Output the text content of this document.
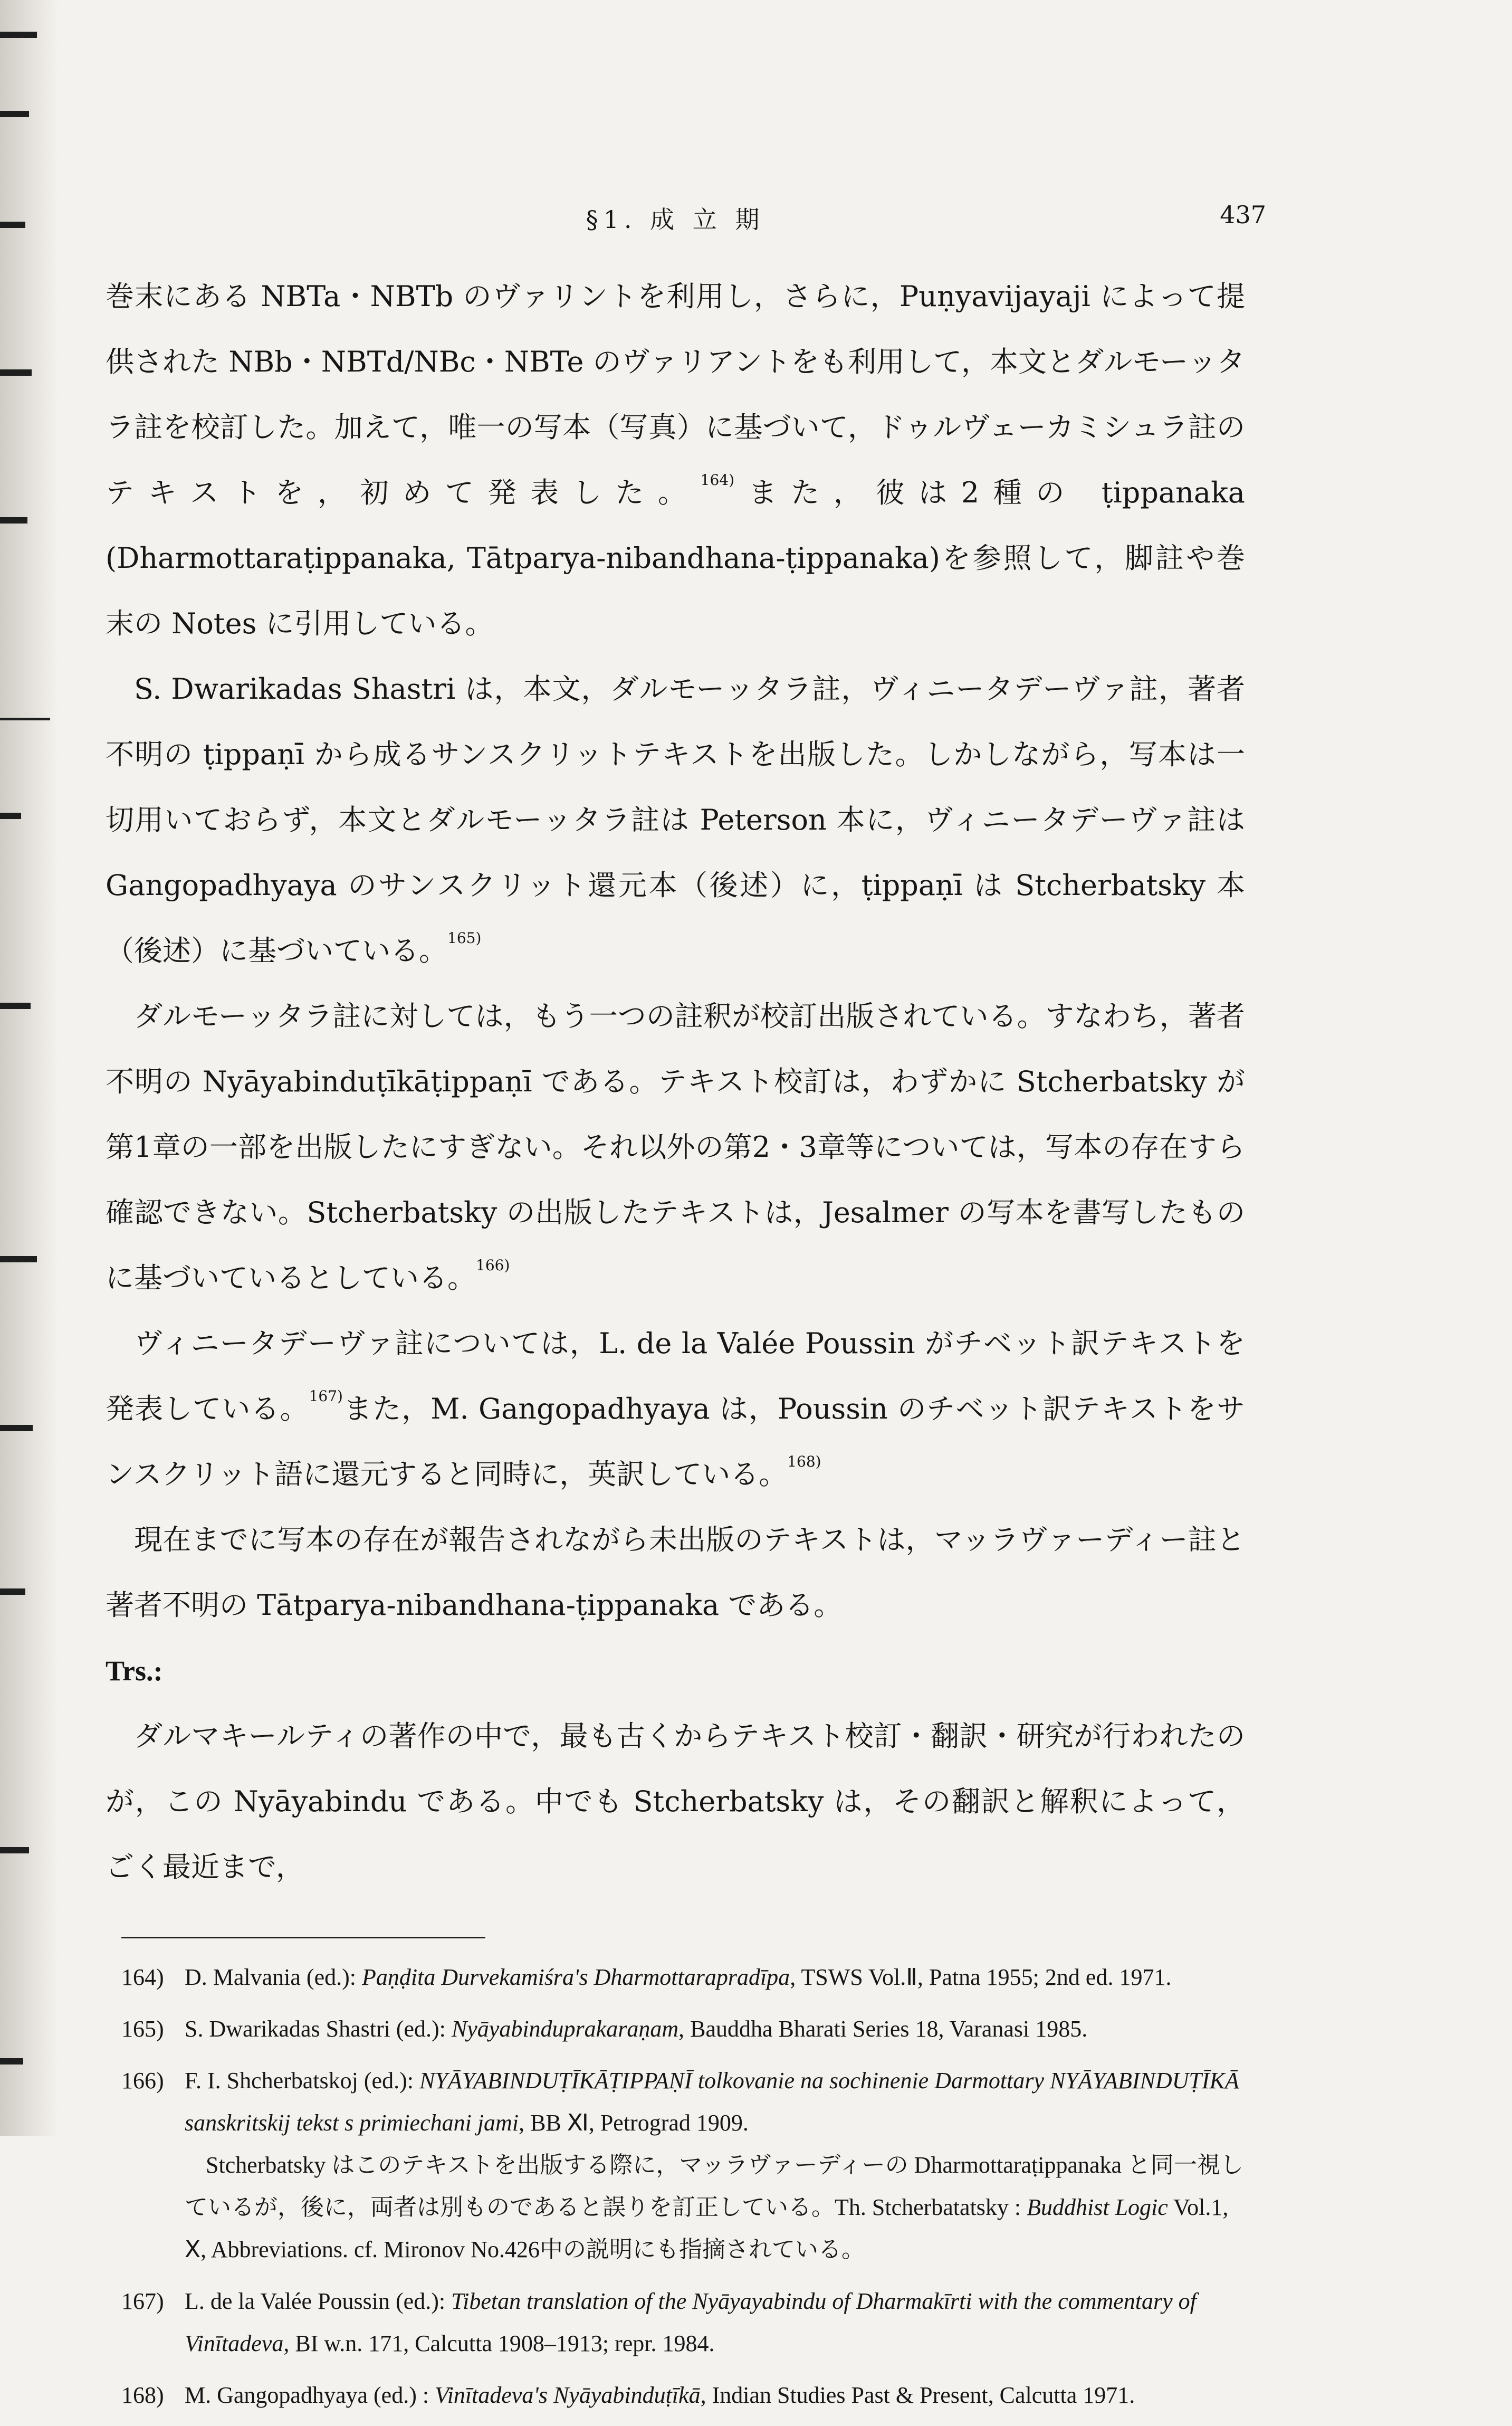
§1. 成 立 期	437

巻末にある NBTa・NBTb のヴァリントを利用し，さらに，Puṇyavijayaji によって提供された NBb・NBTd/NBc・NBTe のヴァリアントをも利用して，本文とダルモーッタラ註を校訂した。加えて，唯一の写本（写真）に基づいて，ドゥルヴェーカミシュラ註のテキストを，初めて発表した。$^{164)}$また，彼は2種の ṭippanaka (Dharmottaraṭippanaka, Tātparya-nibandhana-ṭippanaka)を参照して，脚註や巻末の Notes に引用している。

S. Dwarikadas Shastri は，本文，ダルモーッタラ註，ヴィニータデーヴァ註，著者不明の ṭippaṇī から成るサンスクリットテキストを出版した。しかしながら，写本は一切用いておらず，本文とダルモーッタラ註は Peterson 本に，ヴィニータデーヴァ註は Gangopadhyaya のサンスクリット還元本（後述）に，ṭippaṇī は Stcherbatsky 本（後述）に基づいている。$^{165)}$

ダルモーッタラ註に対しては，もう一つの註釈が校訂出版されている。すなわち，著者不明の Nyāyabinduṭīkāṭippaṇī である。テキスト校訂は，わずかに Stcherbatsky が第1章の一部を出版したにすぎない。それ以外の第2・3章等については，写本の存在すら確認できない。Stcherbatsky の出版したテキストは，Jesalmer の写本を書写したものに基づいているとしている。$^{166)}$

ヴィニータデーヴァ註については，L. de la Valée Poussin がチベット訳テキストを発表している。$^{167)}$また，M. Gangopadhyaya は，Poussin のチベット訳テキストをサンスクリット語に還元すると同時に，英訳している。$^{168)}$

現在までに写本の存在が報告されながら未出版のテキストは，マッラヴァーディー註と著者不明の Tātparya-nibandhana-ṭippanaka である。

Trs.:

ダルマキールティの著作の中で，最も古くからテキスト校訂・翻訳・研究が行われたのが，この Nyāyabindu である。中でも Stcherbatsky は，その翻訳と解釈によって，ごく最近まで，

164) D. Malvania (ed.): Paṇḍita Durvekamiśra's Dharmottarapradīpa, TSWS Vol.Ⅱ, Patna 1955; 2nd ed. 1971.
165) S. Dwarikadas Shastri (ed.): Nyāyabinduprakaraṇam, Bauddha Bharati Series 18, Varanasi 1985.
166) F. I. Shcherbatskoj (ed.): NYĀYABINDUṬĪKĀṬIPPAṆĪ tolkovanie na sochinenie Darmottary NYĀYABINDUṬĪKĀ sanskritskij tekst s primiechani jami, BB Ⅺ, Petrograd 1909.

Stcherbatsky はこのテキストを出版する際に，マッラヴァーディーの Dharmottaraṭippanaka と同一視しているが，後に，両者は別ものであると誤りを訂正している。Th. Stcherbatatsky : Buddhist Logic Vol.1, Ⅹ, Abbreviations. cf. Mironov No.426中の説明にも指摘されている。

167) L. de la Valée Poussin (ed.): Tibetan translation of the Nyāyayabindu of Dharmakīrti with the commentary of Vinītadeva, BI w.n. 171, Calcutta 1908–1913; repr. 1984.
168) M. Gangopadhyaya (ed.) : Vinītadeva's Nyāyabinduṭīkā, Indian Studies Past & Present, Calcutta 1971.
